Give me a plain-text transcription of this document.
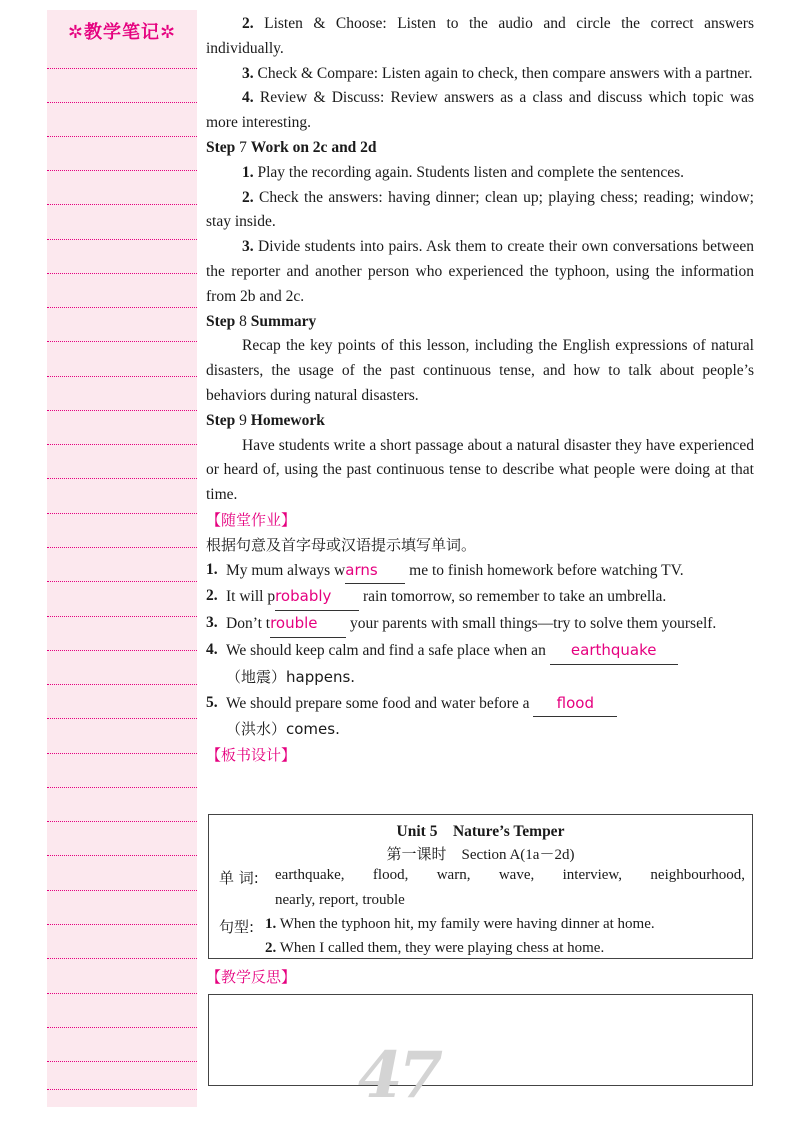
✲教学笔记✲	2. Listen & Choose: Listen to the audio and circle the correct answers individually.
3. Check & Compare: Listen again to check, then compare answers with a partner.
4. Review & Discuss: Review answers as a class and discuss which topic was more interesting.
Step 7 Work on 2c and 2d
1. Play the recording again. Students listen and complete the sentences.
2. Check the answers: having dinner; clean up; playing chess; reading; window; stay inside.
3. Divide students into pairs. Ask them to create their own conversations between the reporter and another person who experienced the typhoon, using the information from 2b and 2c.
Step 8 Summary
Recap the key points of this lesson, including the English expressions of natural disasters, the usage of the past continuous tense, and how to talk about people’s behaviors during natural disasters.
Step 9 Homework
Have students write a short passage about a natural disaster they have experienced or heard of, using the past continuous tense to describe what people were doing at that time.
【随堂作业】
根据句意及首字母或汉语提示填写单词。
1. My mum always warns me to finish homework before watching TV.
2. It will probably rain tomorrow, so remember to take an umbrella.
3. Don’t trouble your parents with small things—try to solve them yourself.
4. We should keep calm and find a safe place when an earthquake
（地震）happens.
5. We should prepare some food and water before a flood
（洪水）comes.
【板书设计】
Unit 5　Nature’s Temper
第一课时　Section A(1a－2d)
单 词: earthquake, flood, warn, wave, interview, neighbourhood,
nearly, report, trouble
句型: 1. When the typhoon hit, my family were having dinner at home.
2. When I called them, they were playing chess at home.
【教学反思】
47
